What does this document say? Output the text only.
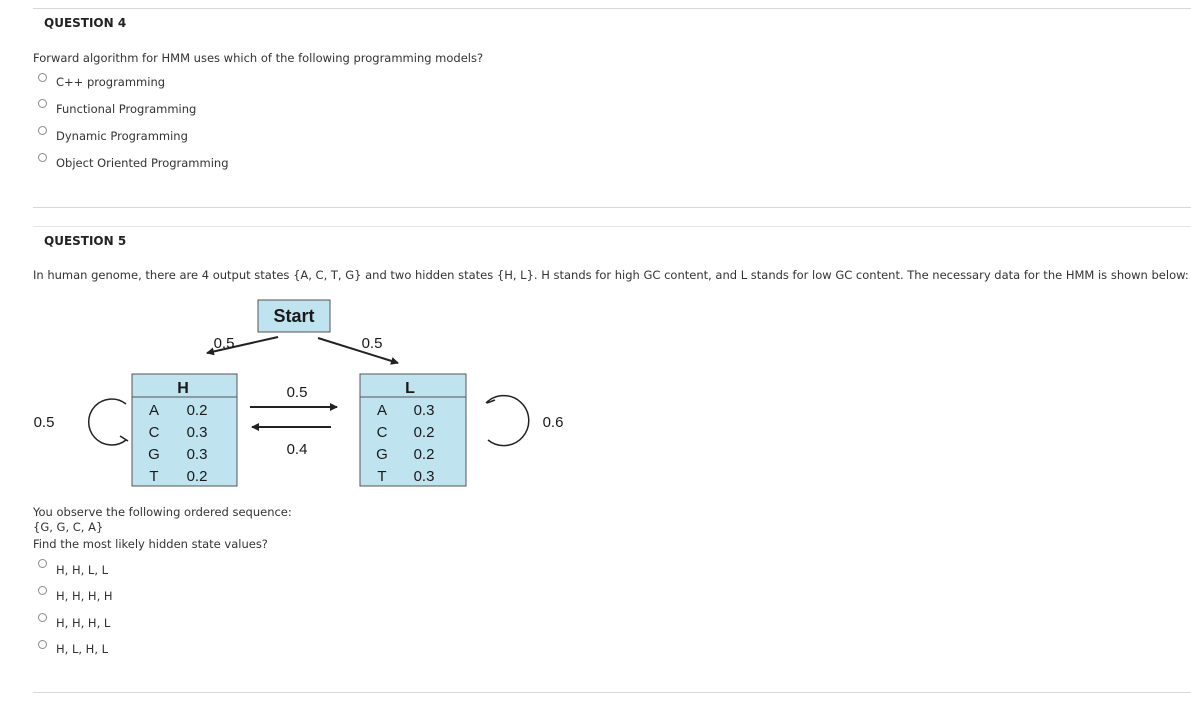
QUESTION 4
Forward algorithm for HMM uses which of the following programming models?
C++ programming
Functional Programming
Dynamic Programming
Object Oriented Programming
QUESTION 5
In human genome, there are 4 output states {A, C, T, G} and two hidden states {H, L}. H stands for high GC content, and L stands for low GC content. The necessary data for the HMM is shown below:
Start
0.5	0.5
H
A 0.2
C 0.3
G 0.3
T 0.2
L
A 0.3
C 0.2
G 0.2
T 0.3
0.5
0.4
0.5	0.6
You observe the following ordered sequence:
{G, G, C, A}
Find the most likely hidden state values?
H, H, L, L
H, H, H, H
H, H, H, L
H, L, H, L
